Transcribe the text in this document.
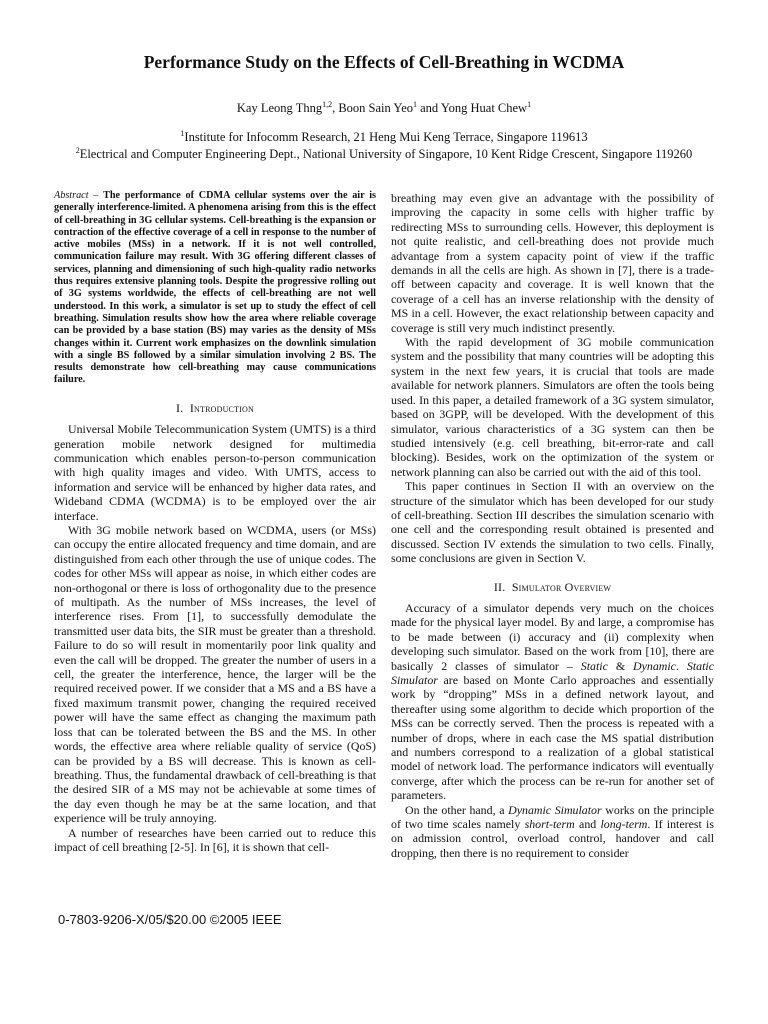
Performance Study on the Effects of Cell-Breathing in WCDMA
Kay Leong Thng$^{1,2}$, Boon Sain Yeo$^1$ and Yong Huat Chew$^1$
$^1$Institute for Infocomm Research, 21 Heng Mui Keng Terrace, Singapore 119613
$^2$Electrical and Computer Engineering Dept., National University of Singapore, 10 Kent Ridge Crescent, Singapore 119260

Abstract – The performance of CDMA cellular systems over the air is generally interference-limited. A phenomena arising from this is the effect of cell-breathing in 3G cellular systems. Cell-breathing is the expansion or contraction of the effective coverage of a cell in response to the number of active mobiles (MSs) in a network. If it is not well controlled, communication failure may result. With 3G offering different classes of services, planning and dimensioning of such high-quality radio networks thus requires extensive planning tools. Despite the progressive rolling out of 3G systems worldwide, the effects of cell-breathing are not well understood. In this work, a simulator is set up to study the effect of cell breathing. Simulation results show how the area where reliable coverage can be provided by a base station (BS) may varies as the density of MSs changes within it. Current work emphasizes on the downlink simulation with a single BS followed by a similar simulation involving 2 BS. The results demonstrate how cell-breathing may cause communications failure.

I. Introduction

Universal Mobile Telecommunication System (UMTS) is a third generation mobile network designed for multimedia communication which enables person-to-person communication with high quality images and video. With UMTS, access to information and service will be enhanced by higher data rates, and Wideband CDMA (WCDMA) is to be employed over the air interface.

With 3G mobile network based on WCDMA, users (or MSs) can occupy the entire allocated frequency and time domain, and are distinguished from each other through the use of unique codes. The codes for other MSs will appear as noise, in which either codes are non-orthogonal or there is loss of orthogonality due to the presence of multipath. As the number of MSs increases, the level of interference rises. From [1], to successfully demodulate the transmitted user data bits, the SIR must be greater than a threshold. Failure to do so will result in momentarily poor link quality and even the call will be dropped. The greater the number of users in a cell, the greater the interference, hence, the larger will be the required received power. If we consider that a MS and a BS have a fixed maximum transmit power, changing the required received power will have the same effect as changing the maximum path loss that can be tolerated between the BS and the MS. In other words, the effective area where reliable quality of service (QoS) can be provided by a BS will decrease. This is known as cell-breathing. Thus, the fundamental drawback of cell-breathing is that the desired SIR of a MS may not be achievable at some times of the day even though he may be at the same location, and that experience will be truly annoying.

A number of researches have been carried out to reduce this impact of cell breathing [2-5]. In [6], it is shown that cell-

breathing may even give an advantage with the possibility of improving the capacity in some cells with higher traffic by redirecting MSs to surrounding cells. However, this deployment is not quite realistic, and cell-breathing does not provide much advantage from a system capacity point of view if the traffic demands in all the cells are high. As shown in [7], there is a trade-off between capacity and coverage. It is well known that the coverage of a cell has an inverse relationship with the density of MS in a cell. However, the exact relationship between capacity and coverage is still very much indistinct presently.

With the rapid development of 3G mobile communication system and the possibility that many countries will be adopting this system in the next few years, it is crucial that tools are made available for network planners. Simulators are often the tools being used. In this paper, a detailed framework of a 3G system simulator, based on 3GPP, will be developed. With the development of this simulator, various characteristics of a 3G system can then be studied intensively (e.g. cell breathing, bit-error-rate and call blocking). Besides, work on the optimization of the system or network planning can also be carried out with the aid of this tool.

This paper continues in Section II with an overview on the structure of the simulator which has been developed for our study of cell-breathing. Section III describes the simulation scenario with one cell and the corresponding result obtained is presented and discussed. Section IV extends the simulation to two cells. Finally, some conclusions are given in Section V.

II. Simulator Overview

Accuracy of a simulator depends very much on the choices made for the physical layer model. By and large, a compromise has to be made between (i) accuracy and (ii) complexity when developing such simulator. Based on the work from [10], there are basically 2 classes of simulator – Static & Dynamic. Static Simulator are based on Monte Carlo approaches and essentially work by “dropping” MSs in a defined network layout, and thereafter using some algorithm to decide which proportion of the MSs can be correctly served. Then the process is repeated with a number of drops, where in each case the MS spatial distribution and numbers correspond to a realization of a global statistical model of network load. The performance indicators will eventually converge, after which the process can be re-run for another set of parameters.

On the other hand, a Dynamic Simulator works on the principle of two time scales namely short-term and long-term. If interest is on admission control, overload control, handover and call dropping, then there is no requirement to consider

0-7803-9206-X/05/$20.00 ©2005 IEEE
